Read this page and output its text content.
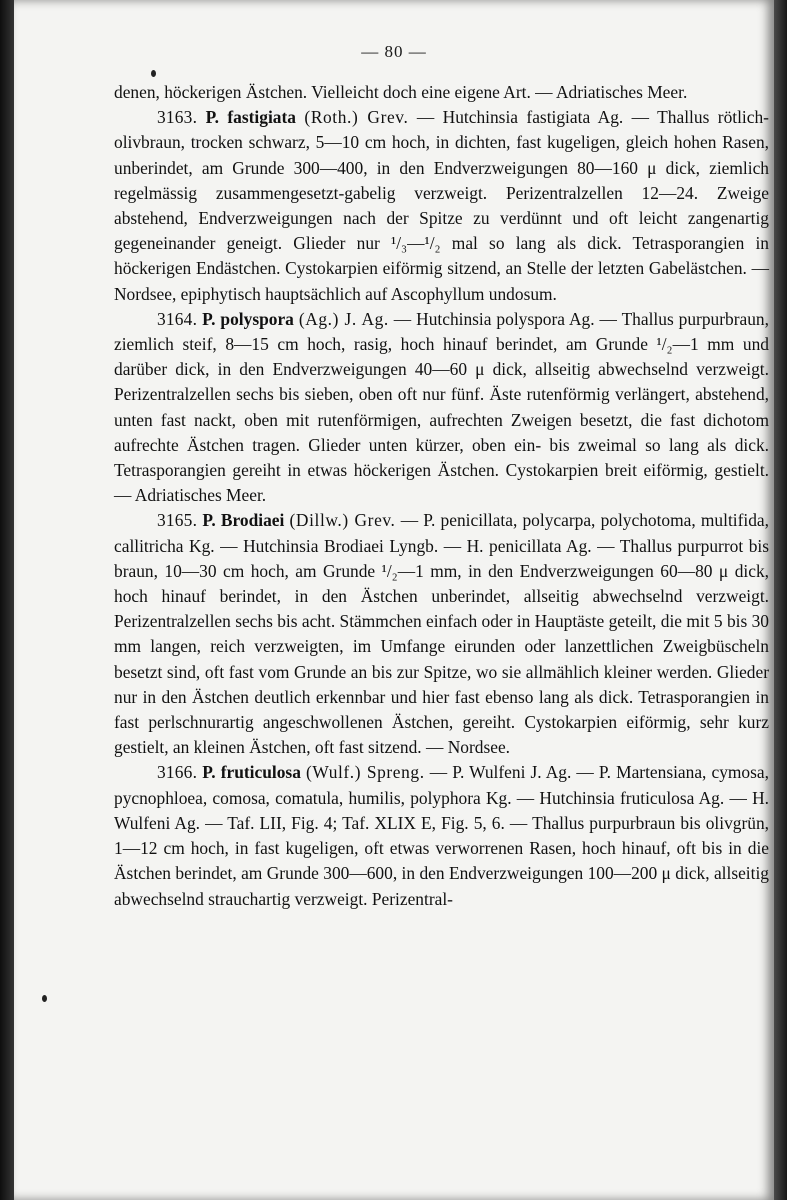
— 80 —

denen, höckerigen Ästchen. Vielleicht doch eine eigene Art. — Adriatisches Meer.

3163. P. fastigiata (Roth.) Grev. — Hutchinsia fastigiata Ag. — Thallus rötlich-olivbraun, trocken schwarz, 5—10 cm hoch, in dichten, fast kugeligen, gleich hohen Rasen, unberindet, am Grunde 300—400, in den Endverzweigungen 80—160 μ dick, ziemlich regelmässig zusammengesetzt-gabelig verzweigt. Perizentralzellen 12—24. Zweige abstehend, Endverzweigungen nach der Spitze zu verdünnt und oft leicht zangenartig gegeneinander geneigt. Glieder nur ¹/₃—¹/₂ mal so lang als dick. Tetrasporangien in höckerigen Endästchen. Cystokarpien eiförmig sitzend, an Stelle der letzten Gabelästchen. — Nordsee, epiphytisch hauptsächlich auf Ascophyllum undosum.

3164. P. polyspora (Ag.) J. Ag. — Hutchinsia polyspora Ag. — Thallus purpurbraun, ziemlich steif, 8—15 cm hoch, rasig, hoch hinauf berindet, am Grunde ¹/₂—1 mm und darüber dick, in den Endverzweigungen 40—60 μ dick, allseitig abwechselnd verzweigt. Perizentralzellen sechs bis sieben, oben oft nur fünf. Äste rutenförmig verlängert, abstehend, unten fast nackt, oben mit rutenförmigen, aufrechten Zweigen besetzt, die fast dichotom aufrechte Ästchen tragen. Glieder unten kürzer, oben ein- bis zweimal so lang als dick. Tetrasporangien gereiht in etwas höckerigen Ästchen. Cystokarpien breit eiförmig, gestielt. — Adriatisches Meer.

3165. P. Brodiaei (Dillw.) Grev. — P. penicillata, polycarpa, polychotoma, multifida, callitricha Kg. — Hutchinsia Brodiaei Lyngb. — H. penicillata Ag. — Thallus purpurrot bis braun, 10—30 cm hoch, am Grunde ¹/₂—1 mm, in den Endverzweigungen 60—80 μ dick, hoch hinauf berindet, in den Ästchen unberindet, allseitig abwechselnd verzweigt. Perizentralzellen sechs bis acht. Stämmchen einfach oder in Hauptäste geteilt, die mit 5 bis 30 mm langen, reich verzweigten, im Umfange eirunden oder lanzettlichen Zweigbüscheln besetzt sind, oft fast vom Grunde an bis zur Spitze, wo sie allmählich kleiner werden. Glieder nur in den Ästchen deutlich erkennbar und hier fast ebenso lang als dick. Tetrasporangien in fast perlschnurartig angeschwollenen Ästchen, gereiht. Cystokarpien eiförmig, sehr kurz gestielt, an kleinen Ästchen, oft fast sitzend. — Nordsee.

3166. P. fruticulosa (Wulf.) Spreng. — P. Wulfeni J. Ag. — P. Martensiana, cymosa, pycnophloea, comosa, comatula, humilis, polyphora Kg. — Hutchinsia fruticulosa Ag. — H. Wulfeni Ag. — Taf. LII, Fig. 4; Taf. XLIX E, Fig. 5, 6. — Thallus purpurbraun bis olivgrün, 1—12 cm hoch, in fast kugeligen, oft etwas verworrenen Rasen, hoch hinauf, oft bis in die Ästchen berindet, am Grunde 300—600, in den Endverzweigungen 100—200 μ dick, allseitig abwechselnd strauchartig verzweigt. Perizentral-
